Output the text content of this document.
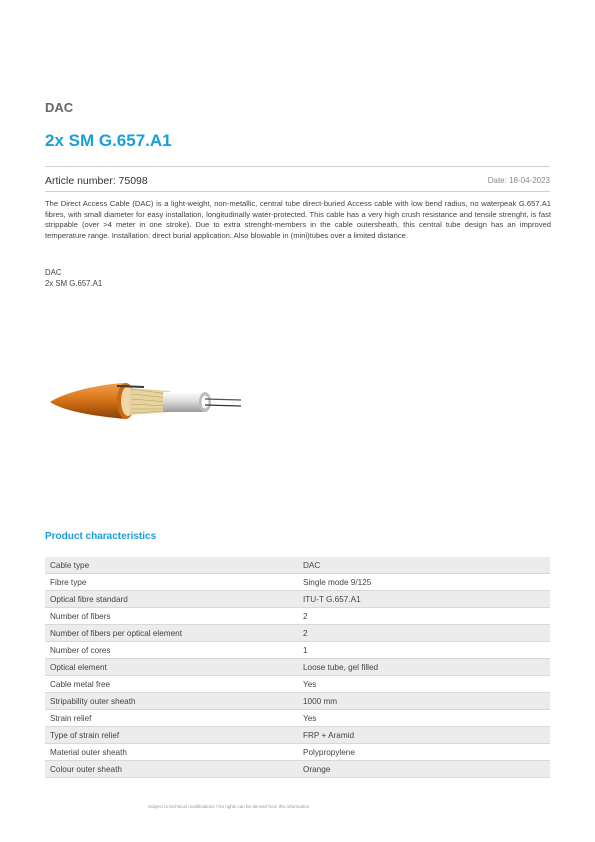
DAC
2x SM G.657.A1
Article number: 75098	Date: 18-04-2023
The Direct Access Cable (DAC) is a light-weight, non-metallic, central tube direct-buried Access cable with low bend radius, no waterpeak G.657.A1 fibres, with small diameter for easy installation, longitudinally water-protected. This cable has a very high crush resistance and tensile strenght, is fast strippable (over >4 meter in one stroke). Due to extra strenght-members in the cable outersheath, this central tube design has an improved temperature range. Installation: direct burial application. Also blowable in (mini)tubes over a limited distance.
DAC
2x SM G.657.A1
Product characteristics
Cable type	DAC
Fibre type	Single mode 9/125
Optical fibre standard	ITU-T G.657.A1
Number of fibers	2
Number of fibers per optical element	2
Number of cores	1
Optical element	Loose tube, gel filled
Cable metal free	Yes
Stripability outer sheath	1000 mm
Strain relief	Yes
Type of strain relief	FRP + Aramid
Material outer sheath	Polypropylene
Colour outer sheath	Orange
Subject to technical modifications / No rights can be derived from this information
